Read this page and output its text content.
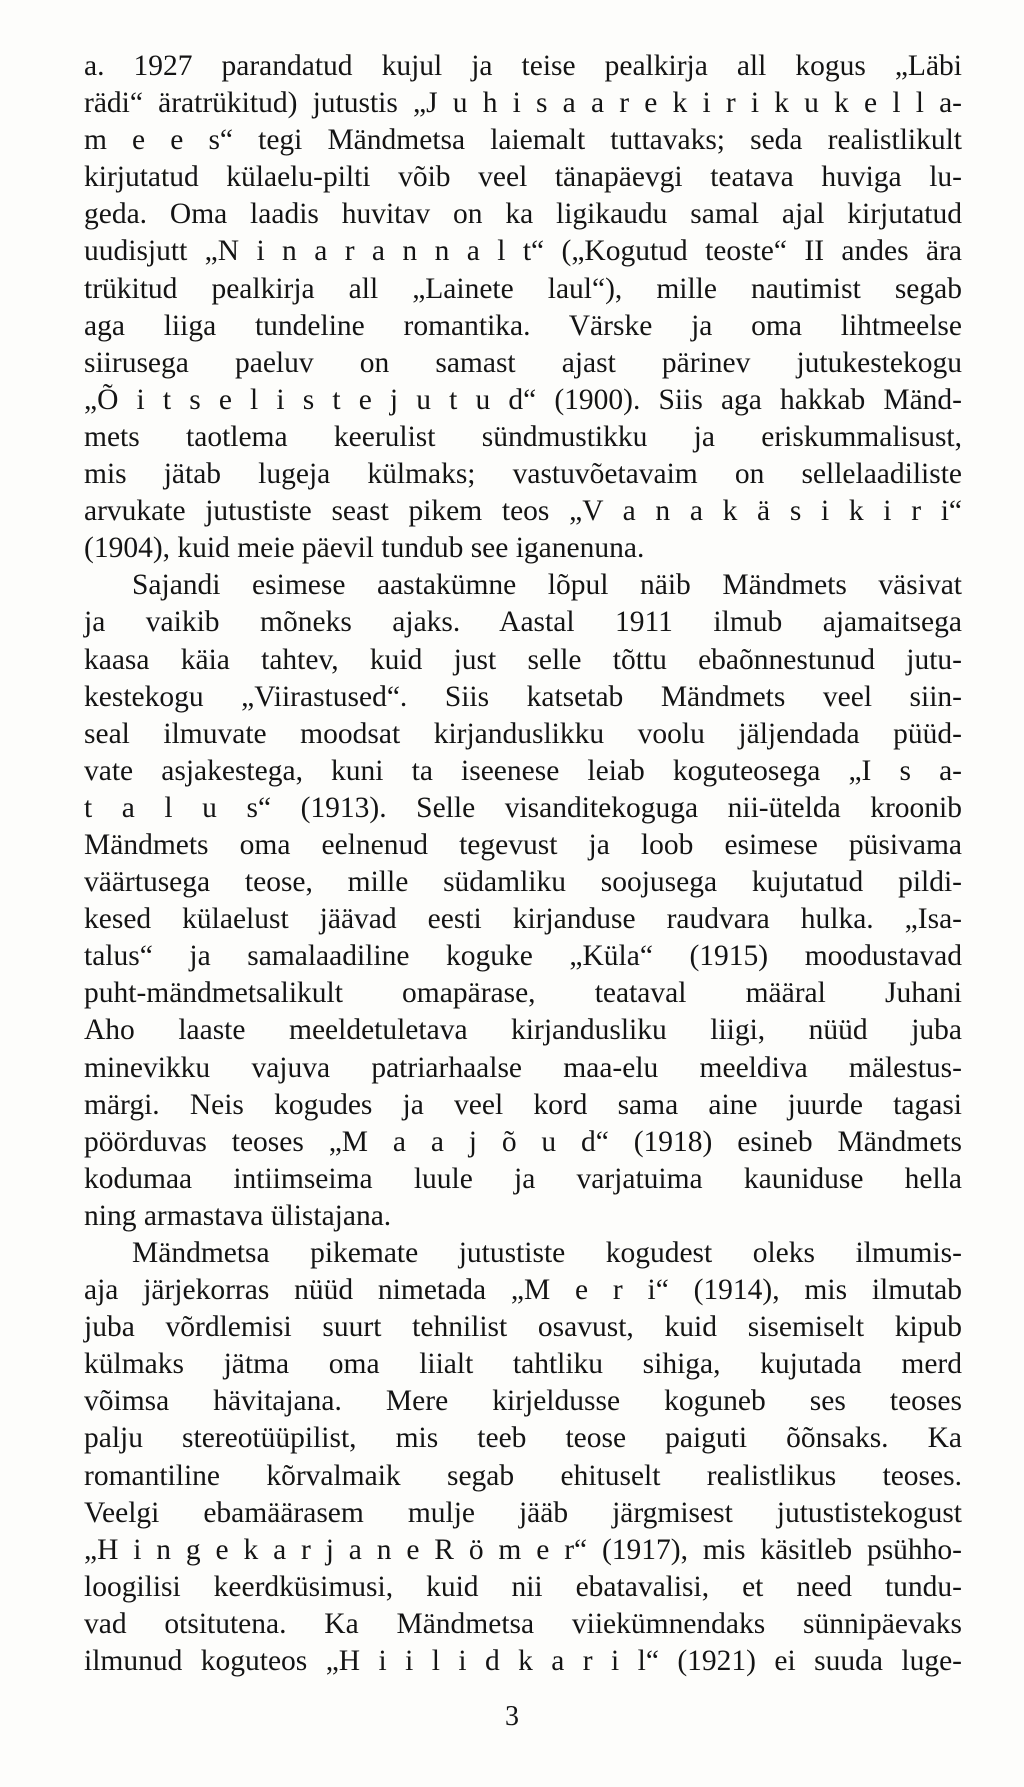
a. 1927 parandatud kujul ja teise pealkirja all kogus „Läbi
rädi“ äratrükitud) jutustis „J u h i s a a r e k i r i k u k e l l a-
m e e s“ tegi Mändmetsa laiemalt tuttavaks; seda realistlikult
kirjutatud külaelu-pilti võib veel tänapäevgi teatava huviga lu-
geda. Oma laadis huvitav on ka ligikaudu samal ajal kirjutatud
uudisjutt „N i n a r a n n a l t“ („Kogutud teoste“ II andes ära
trükitud pealkirja all „Lainete laul“), mille nautimist segab
aga liiga tundeline romantika. Värske ja oma lihtmeelse
siirusega paeluv on samast ajast pärinev jutukestekogu
„Õ i t s e l i s t e j u t u d“ (1900). Siis aga hakkab Mänd-
mets taotlema keerulist sündmustikku ja eriskummalisust,
mis jätab lugeja külmaks; vastuvõetavaim on sellelaadiliste
arvukate jutustiste seast pikem teos „V a n a k ä s i k i r i“
(1904), kuid meie päevil tundub see iganenuna.
Sajandi esimese aastakümne lõpul näib Mändmets väsivat
ja vaikib mõneks ajaks. Aastal 1911 ilmub ajamaitsega
kaasa käia tahtev, kuid just selle tõttu ebaõnnestunud jutu-
kestekogu „Viirastused“. Siis katsetab Mändmets veel siin-
seal ilmuvate moodsat kirjanduslikku voolu jäljendada püüd-
vate asjakestega, kuni ta iseenese leiab koguteosega „I s a-
t a l u s“ (1913). Selle visanditekoguga nii-ütelda kroonib
Mändmets oma eelnenud tegevust ja loob esimese püsivama
väärtusega teose, mille südamliku soojusega kujutatud pildi-
kesed külaelust jäävad eesti kirjanduse raudvara hulka. „Isa-
talus“ ja samalaadiline koguke „Küla“ (1915) moodustavad
puht-mändmetsalikult omapärase, teataval määral Juhani
Aho laaste meeldetuletava kirjandusliku liigi, nüüd juba
minevikku vajuva patriarhaalse maa-elu meeldiva mälestus-
märgi. Neis kogudes ja veel kord sama aine juurde tagasi
pöörduvas teoses „M a a j õ u d“ (1918) esineb Mändmets
kodumaa intiimseima luule ja varjatuima kauniduse hella
ning armastava ülistajana.
Mändmetsa pikemate jutustiste kogudest oleks ilmumis-
aja järjekorras nüüd nimetada „M e r i“ (1914), mis ilmutab
juba võrdlemisi suurt tehnilist osavust, kuid sisemiselt kipub
külmaks jätma oma liialt tahtliku sihiga, kujutada merd
võimsa hävitajana. Mere kirjeldusse koguneb ses teoses
palju stereotüüpilist, mis teeb teose paiguti õõnsaks. Ka
romantiline kõrvalmaik segab ehituselt realistlikus teoses.
Veelgi ebamäärasem mulje jääb järgmisest jutustistekogust
„H i n g e k a r j a n e R ö m e r“ (1917), mis käsitleb psühho-
loogilisi keerdküsimusi, kuid nii ebatavalisi, et need tundu-
vad otsitutena. Ka Mändmetsa viiekümnendaks sünnipäevaks
ilmunud koguteos „H i i l i d k a r i l“ (1921) ei suuda luge-
3
